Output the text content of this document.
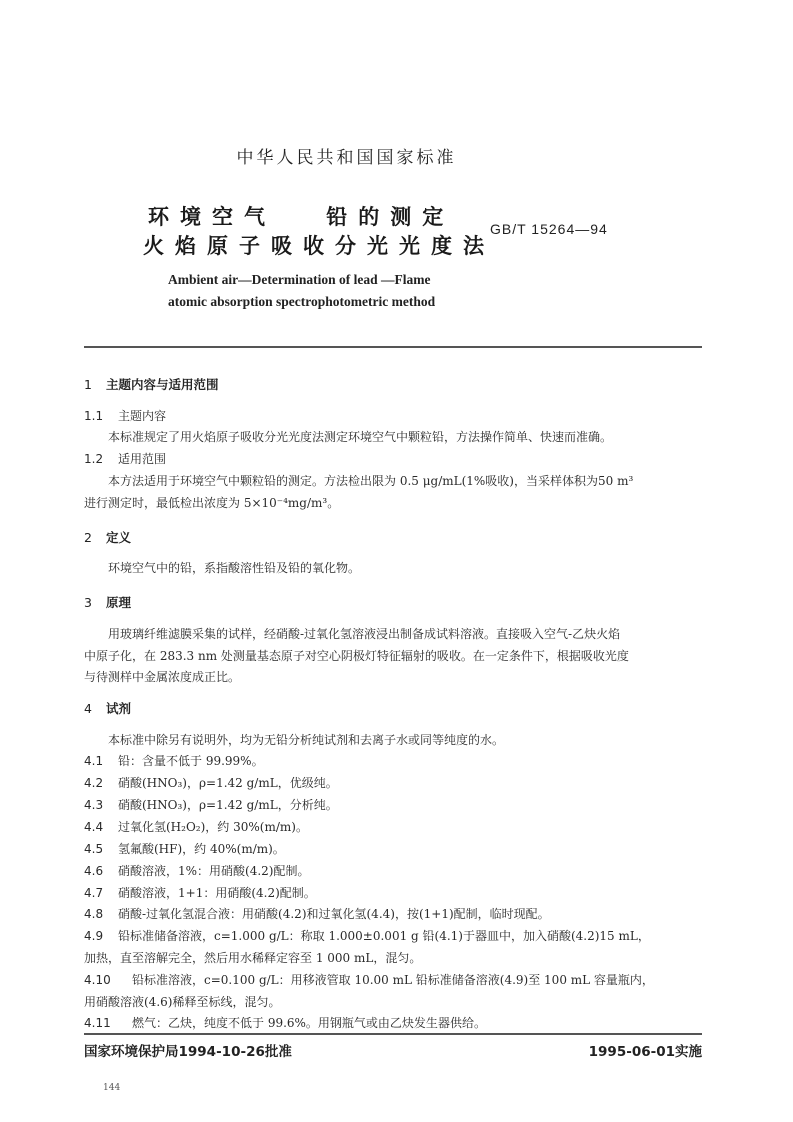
中华人民共和国国家标准
环境空气　 铅的测定
火焰原子吸收分光光度法
GB/T 15264—94
Ambient air—Determination of lead —Flame
atomic absorption spectrophotometric method
1 主题内容与适用范围
1.1 主题内容
本标准规定了用火焰原子吸收分光光度法测定环境空气中颗粒铅，方法操作简单、快速而准确。
1.2 适用范围
本方法适用于环境空气中颗粒铅的测定。方法检出限为 0.5 μg/mL(1%吸收)，当采样体积为50 m³
进行测定时，最低检出浓度为 5×10⁻⁴mg/m³。
2 定义
环境空气中的铅，系指酸溶性铅及铅的氧化物。
3 原理
用玻璃纤维滤膜采集的试样，经硝酸-过氧化氢溶液浸出制备成试料溶液。直接吸入空气-乙炔火焰
中原子化，在 283.3 nm 处测量基态原子对空心阴极灯特征辐射的吸收。在一定条件下，根据吸收光度
与待测样中金属浓度成正比。
4 试剂
本标准中除另有说明外，均为无铅分析纯试剂和去离子水或同等纯度的水。
4.1 铅：含量不低于 99.99%。
4.2 硝酸(HNO₃)，ρ=1.42 g/mL，优级纯。
4.3 硝酸(HNO₃)，ρ=1.42 g/mL，分析纯。
4.4 过氧化氢(H₂O₂)，约 30%(m/m)。
4.5 氢氟酸(HF)，约 40%(m/m)。
4.6 硝酸溶液，1%：用硝酸(4.2)配制。
4.7 硝酸溶液，1+1：用硝酸(4.2)配制。
4.8 硝酸-过氧化氢混合液：用硝酸(4.2)和过氧化氢(4.4)，按(1+1)配制，临时现配。
4.9 铅标准储备溶液，c=1.000 g/L：称取 1.000±0.001 g 铅(4.1)于器皿中，加入硝酸(4.2)15 mL，
加热，直至溶解完全，然后用水稀释定容至 1 000 mL，混匀。
4.10 铅标准溶液，c=0.100 g/L：用移液管取 10.00 mL 铅标准储备溶液(4.9)至 100 mL 容量瓶内，
用硝酸溶液(4.6)稀释至标线，混匀。
4.11 燃气：乙炔，纯度不低于 99.6%。用钢瓶气或由乙炔发生器供给。
国家环境保护局1994-10-26批准	1995-06-01实施
144
